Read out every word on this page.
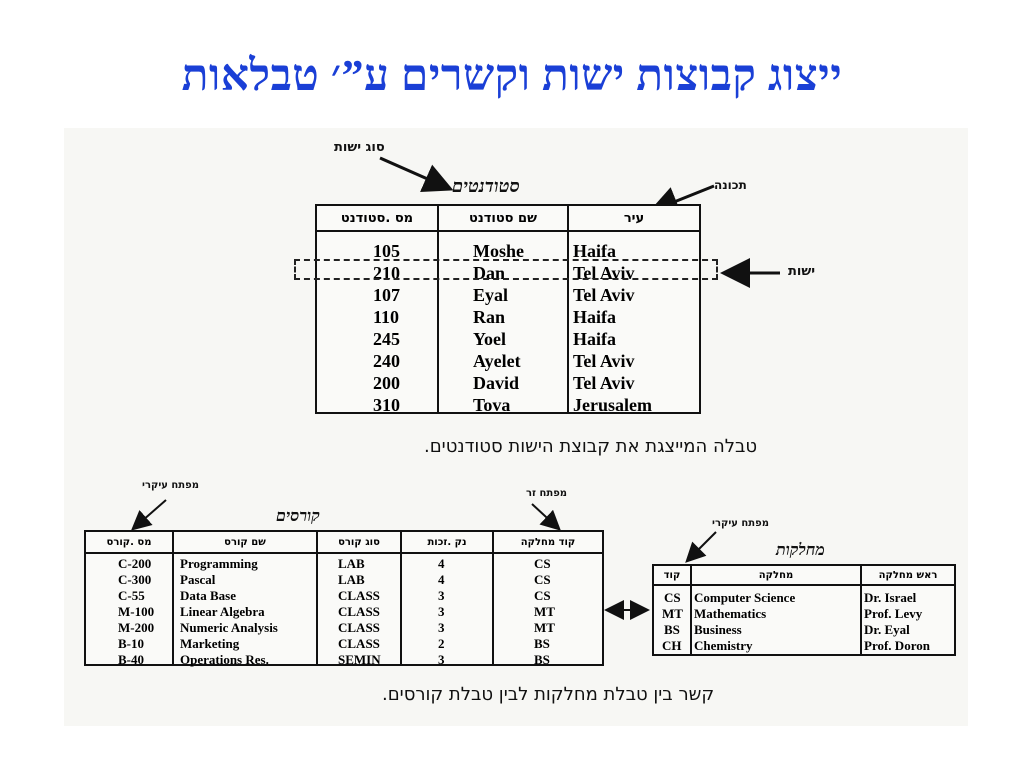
ייצוג קבוצות ישות וקשרים ע”׳ טבלאות
סוג ישות
סטודנטים	תכונה
מס .סטודנט	שם סטודנט	עיר
105	Moshe	Haifa
210	Dan	Tel Aviv
107	Eyal	Tel Aviv
110	Ran	Haifa
245	Yoel	Haifa
240	Ayelet	Tel Aviv
200	David	Tel Aviv
310	Tova	Jerusalem
ישות
טבלה המייצגת את קבוצת הישות סטודנטים.
מפתח עיקרי
מפתח זר
קורסים
מס .קורס	שם קורס	סוג קורס	נק .זכות	קוד מחלקה
C-200 Programming	LAB	4	CS
C-300 Pascal	LAB	4	CS
C-55	Data Base	CLASS	3	CS
M-100 Linear Algebra	CLASS	3	MT
M-200 Numeric Analysis	CLASS	3	MT
B-10	Marketing	CLASS	2	BS
B-40	Operations Res.	SEMIN	3	BS
מפתח עיקרי
מחלקות
קוד	מחלקה	ראש מחלקה
CS Computer Science	Dr. Israel
MT Mathematics	Prof. Levy
BS Business	Dr. Eyal
CH Chemistry	Prof. Doron
קשר בין טבלת מחלקות לבין טבלת קורסים.
